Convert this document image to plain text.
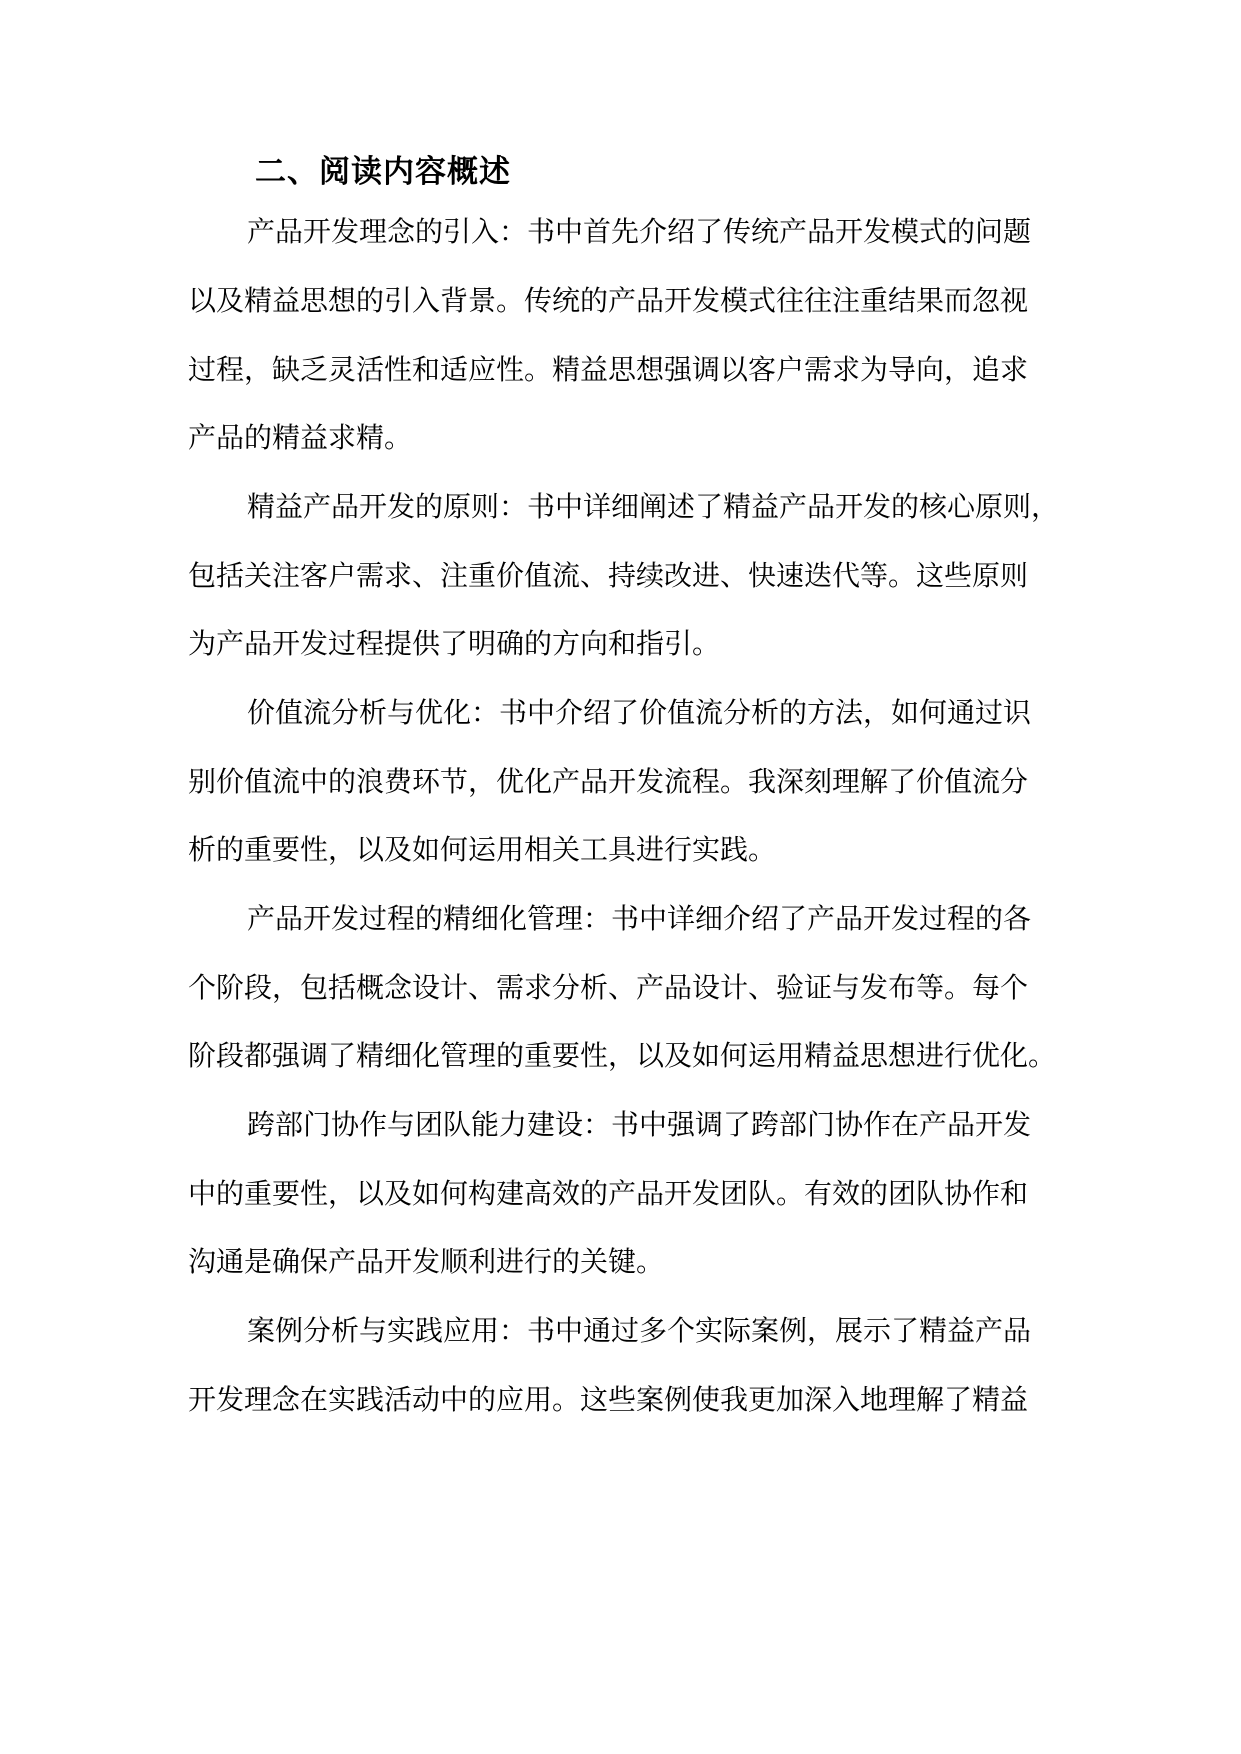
二、阅读内容概述

产品开发理念的引入：书中首先介绍了传统产品开发模式的问题

以及精益思想的引入背景。传统的产品开发模式往往注重结果而忽视

过程，缺乏灵活性和适应性。精益思想强调以客户需求为导向，追求

产品的精益求精。

精益产品开发的原则：书中详细阐述了精益产品开发的核心原则，

包括关注客户需求、注重价值流、持续改进、快速迭代等。这些原则

为产品开发过程提供了明确的方向和指引。

价值流分析与优化：书中介绍了价值流分析的方法，如何通过识

别价值流中的浪费环节，优化产品开发流程。我深刻理解了价值流分

析的重要性，以及如何运用相关工具进行实践。

产品开发过程的精细化管理：书中详细介绍了产品开发过程的各

个阶段，包括概念设计、需求分析、产品设计、验证与发布等。每个

阶段都强调了精细化管理的重要性，以及如何运用精益思想进行优化。

跨部门协作与团队能力建设：书中强调了跨部门协作在产品开发

中的重要性，以及如何构建高效的产品开发团队。有效的团队协作和

沟通是确保产品开发顺利进行的关键。

案例分析与实践应用：书中通过多个实际案例，展示了精益产品

开发理念在实践活动中的应用。这些案例使我更加深入地理解了精益
